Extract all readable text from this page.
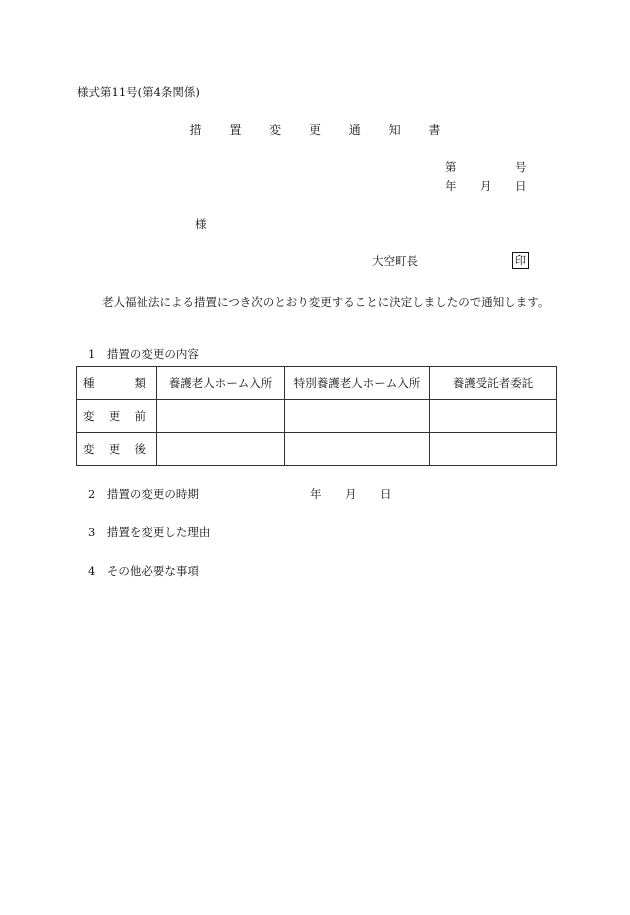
様式第11号(第4条関係)
措 置 変 更 通 知 書
第	号
年 月 日
様
大空町長	印
老人福祉法による措置につき次のとおり変更することに決定しましたので通知します。
1　措置の変更の内容
種 類	養護老人ホーム入所	特別養護老人ホーム入所	養護受託者委託

変 更 前			

変 更 後			

2　措置の変更の時期	年 月 日
3　措置を変更した理由
4　その他必要な事項
